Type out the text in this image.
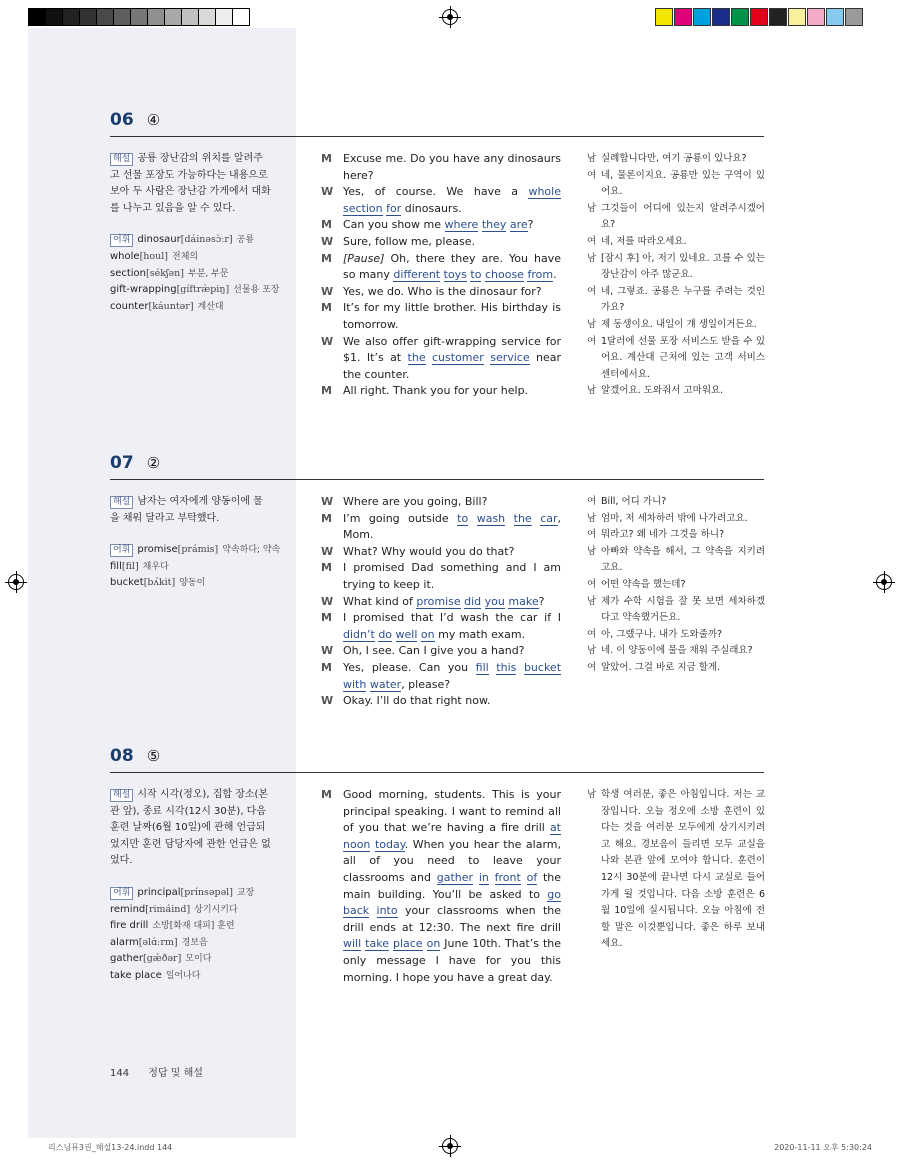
06 ④
해설 공룡 장난감의 위치를 알려주고 선물 포장도 가능하다는 내용으로 보아 두 사람은 장난감 가게에서 대화를 나누고 있음을 알 수 있다.
어휘 dinosaur[dáinəsɔ̀ːr] 공룡
whole[houl] 전체의
section[sékʃən] 부분, 부문
gift-wrapping[gíftræ̀piŋ] 선물용 포장
counter[káuntər] 계산대
M	Excuse me. Do you have any dinosaurs here?
W Yes, of course. We have a whole section for dinosaurs.
M	Can you show me where they are?
W Sure, follow me, please.
M	[Pause] Oh, there they are. You have so many different toys to choose from.
W Yes, we do. Who is the dinosaur for?
M	It’s for my little brother. His birthday is tomorrow.
W We also offer gift-wrapping service for $1. It’s at the customer service near the counter.
M	All right. Thank you for your help.
남 실례합니다만, 여기 공룡이 있나요?
여 네, 물론이지요. 공룡만 있는 구역이 있어요.
남 그것들이 어디에 있는지 알려주시겠어요?
여 네, 저를 따라오세요.
남 [잠시 후] 아, 저기 있네요. 고를 수 있는 장난감이 아주 많군요.
여 네, 그렇죠. 공룡은 누구를 주려는 것인가요?
남 제 동생이요. 내일이 걔 생일이거든요.
여 1달러에 선물 포장 서비스도 받을 수 있어요. 계산대 근처에 있는 고객 서비스 센터에서요.
남 알겠어요. 도와줘서 고마워요.
07 ②
해설 남자는 여자에게 양동이에 물을 채워 달라고 부탁했다.
어휘 promise[prámis] 약속하다; 약속
fill[fil] 채우다
bucket[bʌ́kit] 양동이
W Where are you going, Bill?
M	I’m going outside to wash the car, Mom.
W What? Why would you do that?
M	I promised Dad something and I am trying to keep it.
W What kind of promise did you make?
M	I promised that I’d wash the car if I didn’t do well on my math exam.
W Oh, I see. Can I give you a hand?
M	Yes, please. Can you fill this bucket with water, please?
W Okay. I’ll do that right now.
여 Bill, 어디 가니?
남 엄마, 저 세차하러 밖에 나가려고요.
여 뭐라고? 왜 네가 그것을 하니?
남 아빠와 약속을 해서, 그 약속을 지키려고요.
여 어떤 약속을 했는데?
남 제가 수학 시험을 잘 못 보면 세차하겠다고 약속했거든요.
여 아, 그랬구나. 내가 도와줄까?
남 네. 이 양동이에 물을 채워 주실래요?
여 알았어. 그걸 바로 지금 할게.
08 ⑤
해설 시작 시각(정오), 집합 장소(본관 앞), 종료 시각(12시 30분), 다음 훈련 날짜(6월 10일)에 관해 언급되었지만 훈련 담당자에 관한 언급은 없었다.
어휘 principal[prínsəpəl] 교장
remind[rimáind] 상기시키다
fire drill 소방[화재 대피] 훈련
alarm[əlɑ́ːrm] 경보음
gather[gǽðər] 모이다
take place 일어나다
M	Good morning, students. This is your principal speaking. I want to remind all of you that we’re having a fire drill at noon today. When you hear the alarm, all of you need to leave your classrooms and gather in front of the main building. You’ll be asked to go back into your classrooms when the drill ends at 12:30. The next fire drill will take place on June 10th. That’s the only message I have for you this morning. I hope you have a great day.
남 학생 여러분, 좋은 아침입니다. 저는 교장입니다. 오늘 정오에 소방 훈련이 있다는 것을 여러분 모두에게 상기시키려고 해요. 경보음이 들리면 모두 교실을 나와 본관 앞에 모여야 합니다. 훈련이 12시 30분에 끝나면 다시 교실로 들어가게 될 것입니다. 다음 소방 훈련은 6월 10일에 실시됩니다. 오늘 아침에 전할 말은 이것뿐입니다. 좋은 하루 보내세요.
144 정답 및 해설
리스닝뮤3권_해설13-24.indd 144	2020-11-11 오후 5:30:24
